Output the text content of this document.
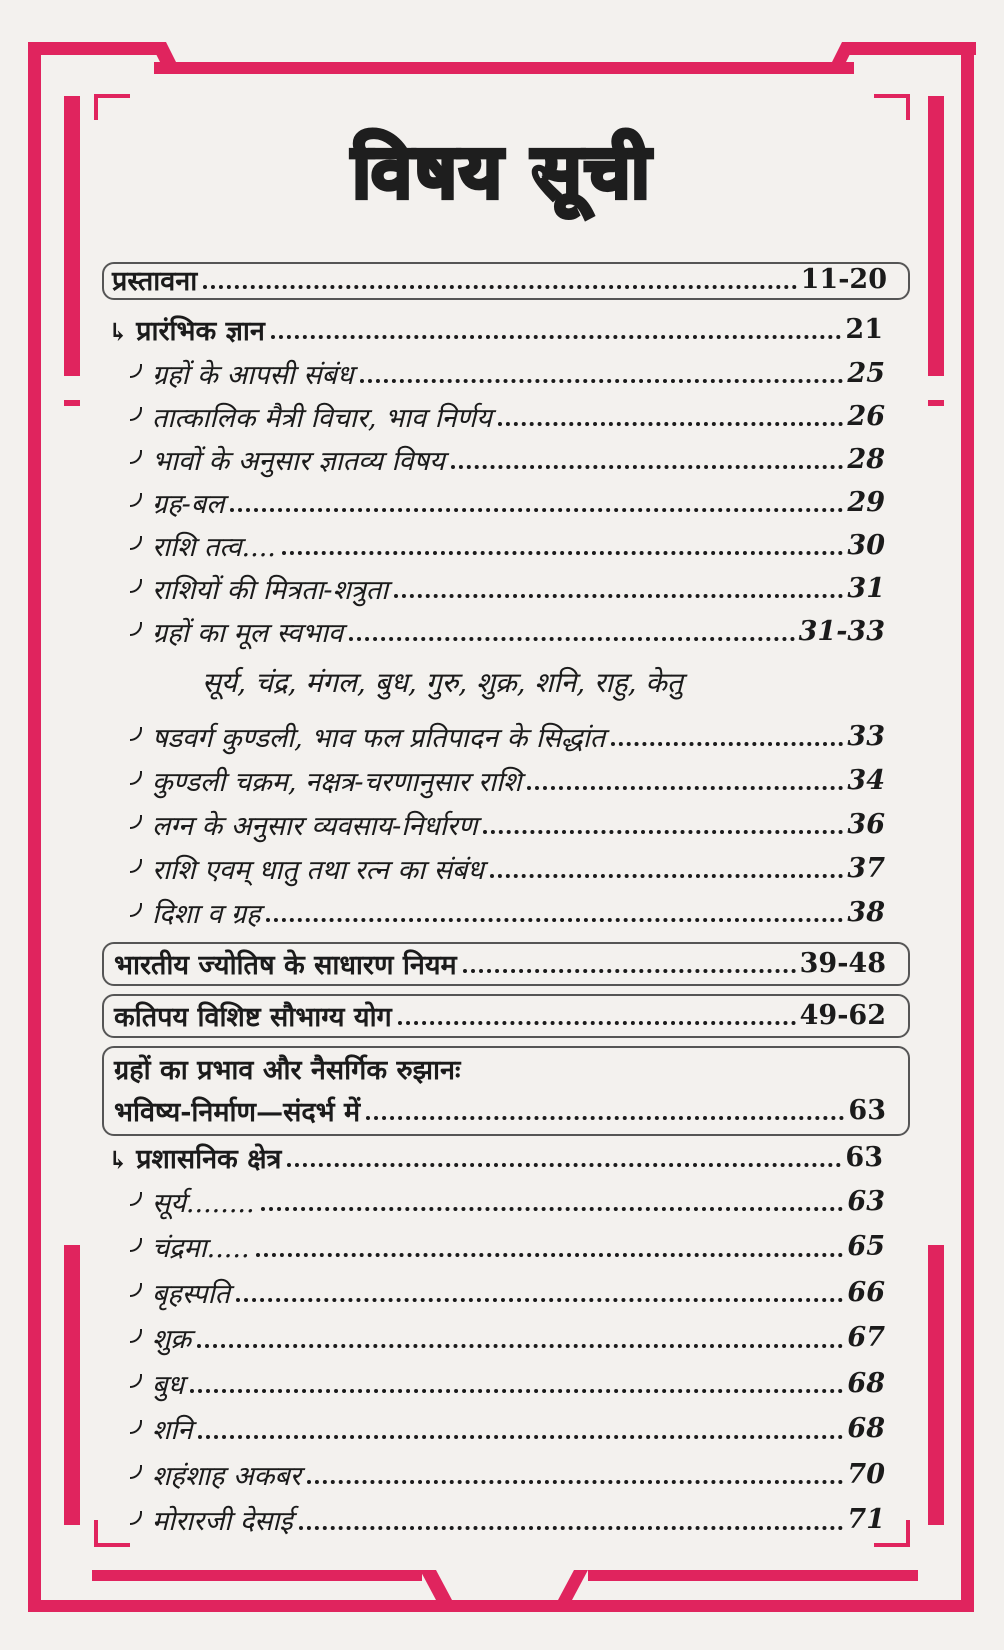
विषय सूची
प्रस्तावना	11-20
↳ प्रारंभिक ज्ञान	21
ग्रहों के आपसी संबंध	25
तात्कालिक मैत्री विचार, भाव निर्णय	26
भावों के अनुसार ज्ञातव्य विषय	28
ग्रह-बल	29
राशि तत्व....	30
राशियों की मित्रता-शत्रुता	31
ग्रहों का मूल स्वभाव	31-33
सूर्य, चंद्र, मंगल, बुध, गुरु, शुक्र, शनि, राहु, केतु
षडवर्ग कुण्डली, भाव फल प्रतिपादन के सिद्धांत	33
कुण्डली चक्रम, नक्षत्र-चरणानुसार राशि	34
लग्न के अनुसार व्यवसाय-निर्धारण	36
राशि एवम् धातु तथा रत्न का संबंध	37
दिशा व ग्रह	38
भारतीय ज्योतिष के साधारण नियम	39-48
कतिपय विशिष्ट सौभाग्य योग	49-62
ग्रहों का प्रभाव और नैसर्गिक रुझानः
भविष्य-निर्माण—संदर्भ में	63
↳ प्रशासनिक क्षेत्र	63
सूर्य........	63
चंद्रमा.....	65
बृहस्पति	66
शुक्र	67
बुध	68
शनि	68
शहंशाह अकबर	70
मोरारजी देसाई	71
